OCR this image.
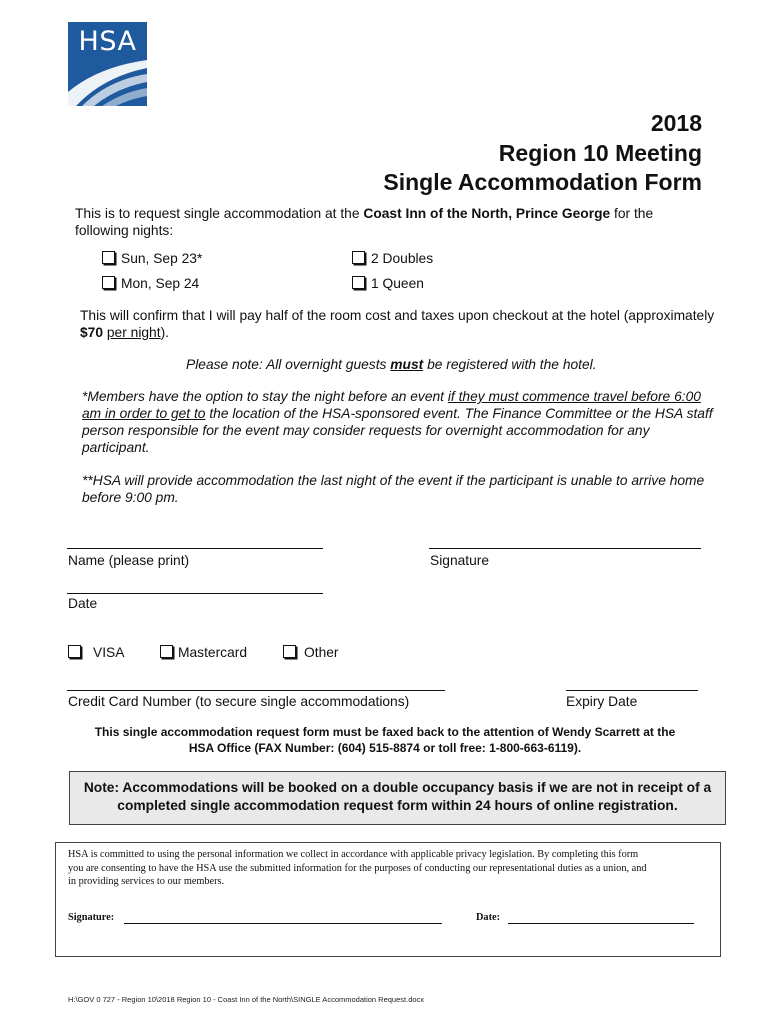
HSA
2018
Region 10 Meeting
Single Accommodation Form
This is to request single accommodation at the Coast Inn of the North, Prince George for the
following nights:
Sun, Sep 23*	2 Doubles
Mon, Sep 24	1 Queen
This will confirm that I will pay half of the room cost and taxes upon checkout at the hotel (approximately
$70 per night).
Please note: All overnight guests must be registered with the hotel.
*Members have the option to stay the night before an event if they must commence travel before 6:00
am in order to get to the location of the HSA-sponsored event. The Finance Committee or the HSA staff
person responsible for the event may consider requests for overnight accommodation for any
participant.
**HSA will provide accommodation the last night of the event if the participant is unable to arrive home
before 9:00 pm.
Name (please print)	Signature
Date
VISA	Mastercard	Other
Credit Card Number (to secure single accommodations)	Expiry Date
This single accommodation request form must be faxed back to the attention of Wendy Scarrett at the
HSA Office (FAX Number: (604) 515-8874 or toll free: 1-800-663-6119).
Note: Accommodations will be booked on a double occupancy basis if we are not in receipt of a
completed single accommodation request form within 24 hours of online registration.
HSA is committed to using the personal information we collect in accordance with applicable privacy legislation. By completing this form
you are consenting to have the HSA use the submitted information for the purposes of conducting our representational duties as a union, and
in providing services to our members.
Signature:	Date:
H:\GOV 0 727 - Region 10\2018 Region 10 - Coast Inn of the North\SINGLE Accommodation Request.docx
